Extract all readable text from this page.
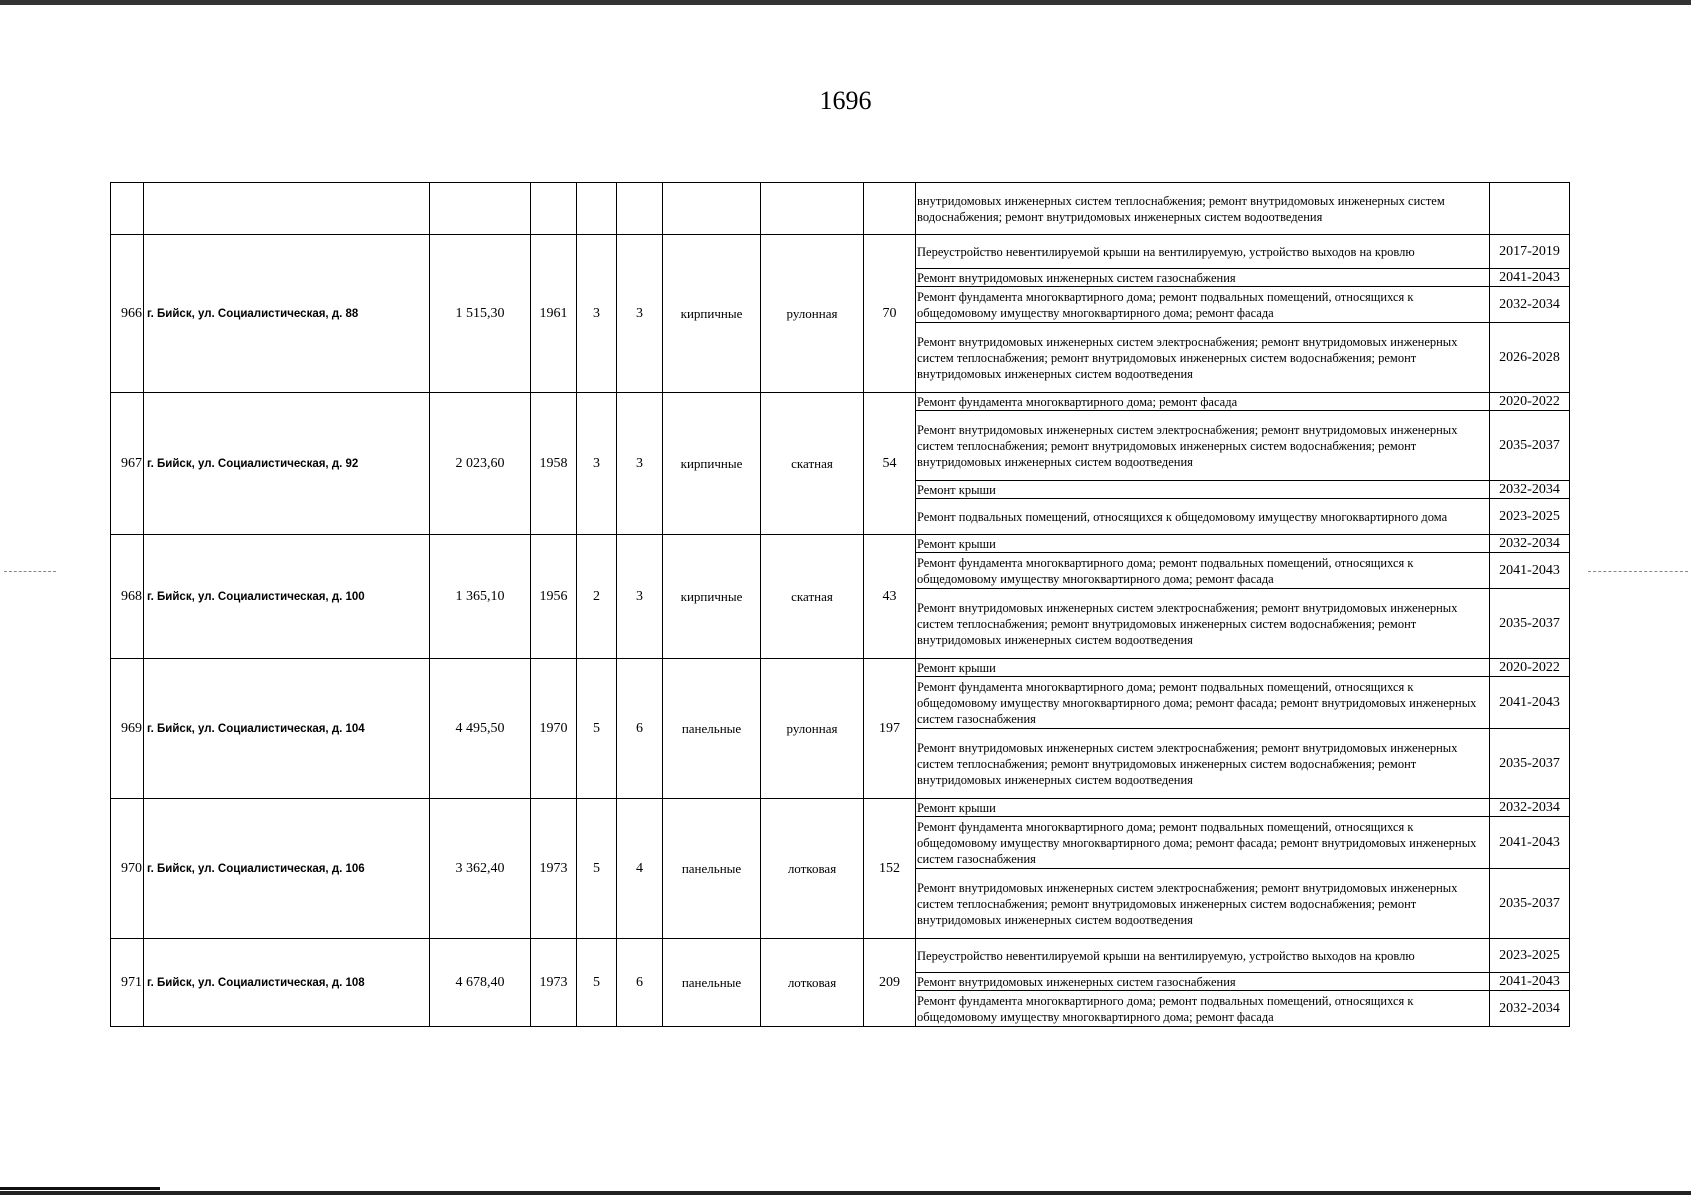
1696
									внутридомовых инженерных систем теплоснабжения; ремонт внутридомовых инженерных систем водоснабжения; ремонт внутридомовых инженерных систем водоотведения	
966	г. Бийск, ул. Социалистическая, д. 88	1 515,30	1961	3	3	кирпичные	рулонная	70	Переустройство невентилируемой крыши на вентилируемую, устройство выходов на кровлю	2017-2019
									Ремонт внутридомовых инженерных систем газоснабжения	2041-2043
									Ремонт фундамента многоквартирного дома; ремонт подвальных помещений, относящихся к общедомовому имуществу многоквартирного дома; ремонт фасада	2032-2034
									Ремонт внутридомовых инженерных систем электроснабжения; ремонт внутридомовых инженерных систем теплоснабжения; ремонт внутридомовых инженерных систем водоснабжения; ремонт внутридомовых инженерных систем водоотведения	2026-2028
967	г. Бийск, ул. Социалистическая, д. 92	2 023,60	1958	3	3	кирпичные	скатная	54	Ремонт фундамента многоквартирного дома; ремонт фасада	2020-2022
									Ремонт внутридомовых инженерных систем электроснабжения; ремонт внутридомовых инженерных систем теплоснабжения; ремонт внутридомовых инженерных систем водоснабжения; ремонт внутридомовых инженерных систем водоотведения	2035-2037
									Ремонт крыши	2032-2034
									Ремонт подвальных помещений, относящихся к общедомовому имуществу многоквартирного дома	2023-2025
968	г. Бийск, ул. Социалистическая, д. 100	1 365,10	1956	2	3	кирпичные	скатная	43	Ремонт крыши	2032-2034
									Ремонт фундамента многоквартирного дома; ремонт подвальных помещений, относящихся к общедомовому имуществу многоквартирного дома; ремонт фасада	2041-2043
									Ремонт внутридомовых инженерных систем электроснабжения; ремонт внутридомовых инженерных систем теплоснабжения; ремонт внутридомовых инженерных систем водоснабжения; ремонт внутридомовых инженерных систем водоотведения	2035-2037
969	г. Бийск, ул. Социалистическая, д. 104	4 495,50	1970	5	6	панельные	рулонная	197	Ремонт крыши	2020-2022
									Ремонт фундамента многоквартирного дома; ремонт подвальных помещений, относящихся к общедомовому имуществу многоквартирного дома; ремонт фасада; ремонт внутридомовых инженерных систем газоснабжения	2041-2043
									Ремонт внутридомовых инженерных систем электроснабжения; ремонт внутридомовых инженерных систем теплоснабжения; ремонт внутридомовых инженерных систем водоснабжения; ремонт внутридомовых инженерных систем водоотведения	2035-2037
970	г. Бийск, ул. Социалистическая, д. 106	3 362,40	1973	5	4	панельные	лотковая	152	Ремонт крыши	2032-2034
									Ремонт фундамента многоквартирного дома; ремонт подвальных помещений, относящихся к общедомовому имуществу многоквартирного дома; ремонт фасада; ремонт внутридомовых инженерных систем газоснабжения	2041-2043
									Ремонт внутридомовых инженерных систем электроснабжения; ремонт внутридомовых инженерных систем теплоснабжения; ремонт внутридомовых инженерных систем водоснабжения; ремонт внутридомовых инженерных систем водоотведения	2035-2037
971	г. Бийск, ул. Социалистическая, д. 108	4 678,40	1973	5	6	панельные	лотковая	209	Переустройство невентилируемой крыши на вентилируемую, устройство выходов на кровлю	2023-2025
									Ремонт внутридомовых инженерных систем газоснабжения	2041-2043
									Ремонт фундамента многоквартирного дома; ремонт подвальных помещений, относящихся к общедомовому имуществу многоквартирного дома; ремонт фасада	2032-2034
